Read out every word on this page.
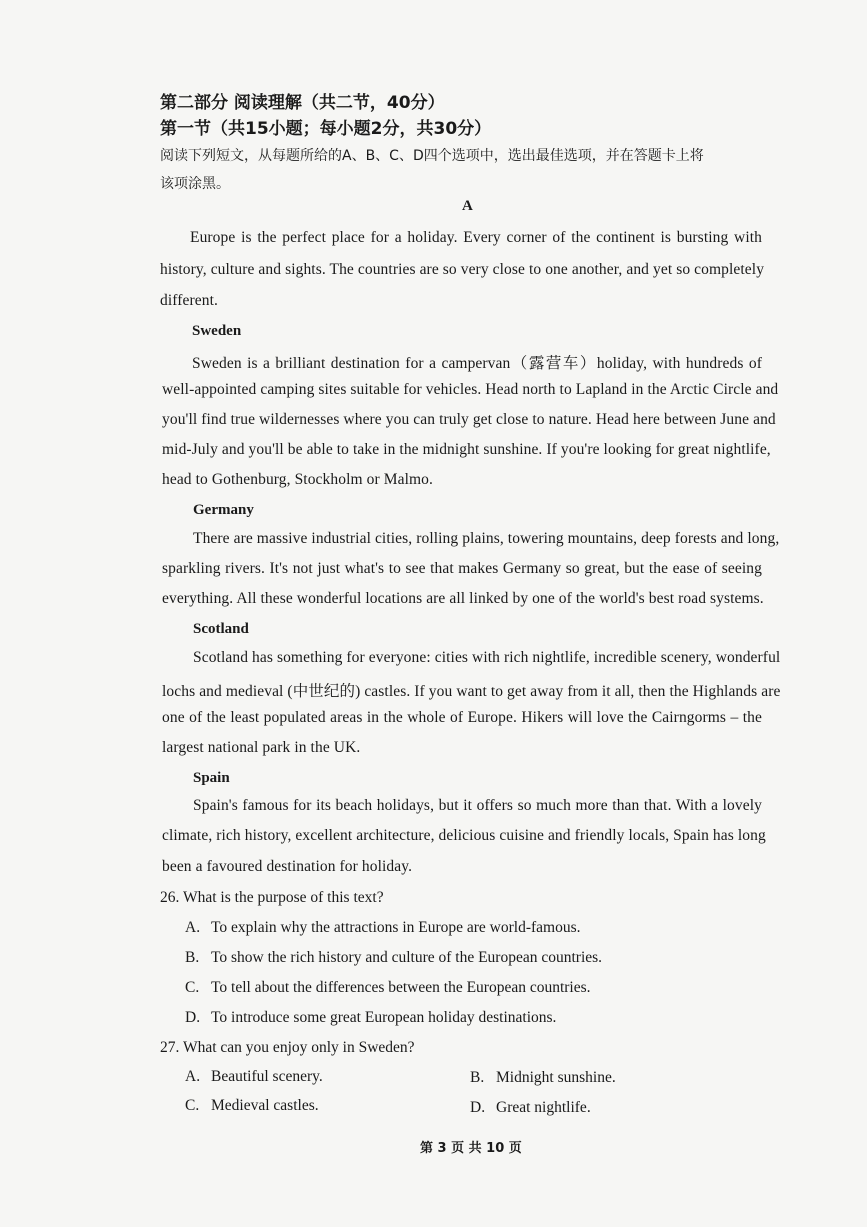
第二部分 阅读理解（共二节，40分）
第一节（共15小题；每小题2分，共30分）
阅读下列短文，从每题所给的A、B、C、D四个选项中，选出最佳选项，并在答题卡上将
该项涂黑。
A
Europe is the perfect place for a holiday. Every corner of the continent is bursting with
history, culture and sights. The countries are so very close to one another, and yet so completely
different.
Sweden
Sweden is a brilliant destination for a campervan（露营车）holiday, with hundreds of
well-appointed camping sites suitable for vehicles. Head north to Lapland in the Arctic Circle and
you'll find true wildernesses where you can truly get close to nature. Head here between June and
mid-July and you'll be able to take in the midnight sunshine. If you're looking for great nightlife,
head to Gothenburg, Stockholm or Malmo.
Germany
There are massive industrial cities, rolling plains, towering mountains, deep forests and long,
sparkling rivers. It's not just what's to see that makes Germany so great, but the ease of seeing
everything. All these wonderful locations are all linked by one of the world's best road systems.
Scotland
Scotland has something for everyone: cities with rich nightlife, incredible scenery, wonderful
lochs and medieval (中世纪的) castles. If you want to get away from it all, then the Highlands are
one of the least populated areas in the whole of Europe. Hikers will love the Cairngorms – the
largest national park in the UK.
Spain
Spain's famous for its beach holidays, but it offers so much more than that. With a lovely
climate, rich history, excellent architecture, delicious cuisine and friendly locals, Spain has long
been a favoured destination for holiday.
26. What is the purpose of this text?
A. To explain why the attractions in Europe are world-famous.
B. To show the rich history and culture of the European countries.
C. To tell about the differences between the European countries.
D. To introduce some great European holiday destinations.
27. What can you enjoy only in Sweden?
A. Beautiful scenery.	B. Midnight sunshine.
C. Medieval castles.	D. Great nightlife.
第 3 页 共 10 页
